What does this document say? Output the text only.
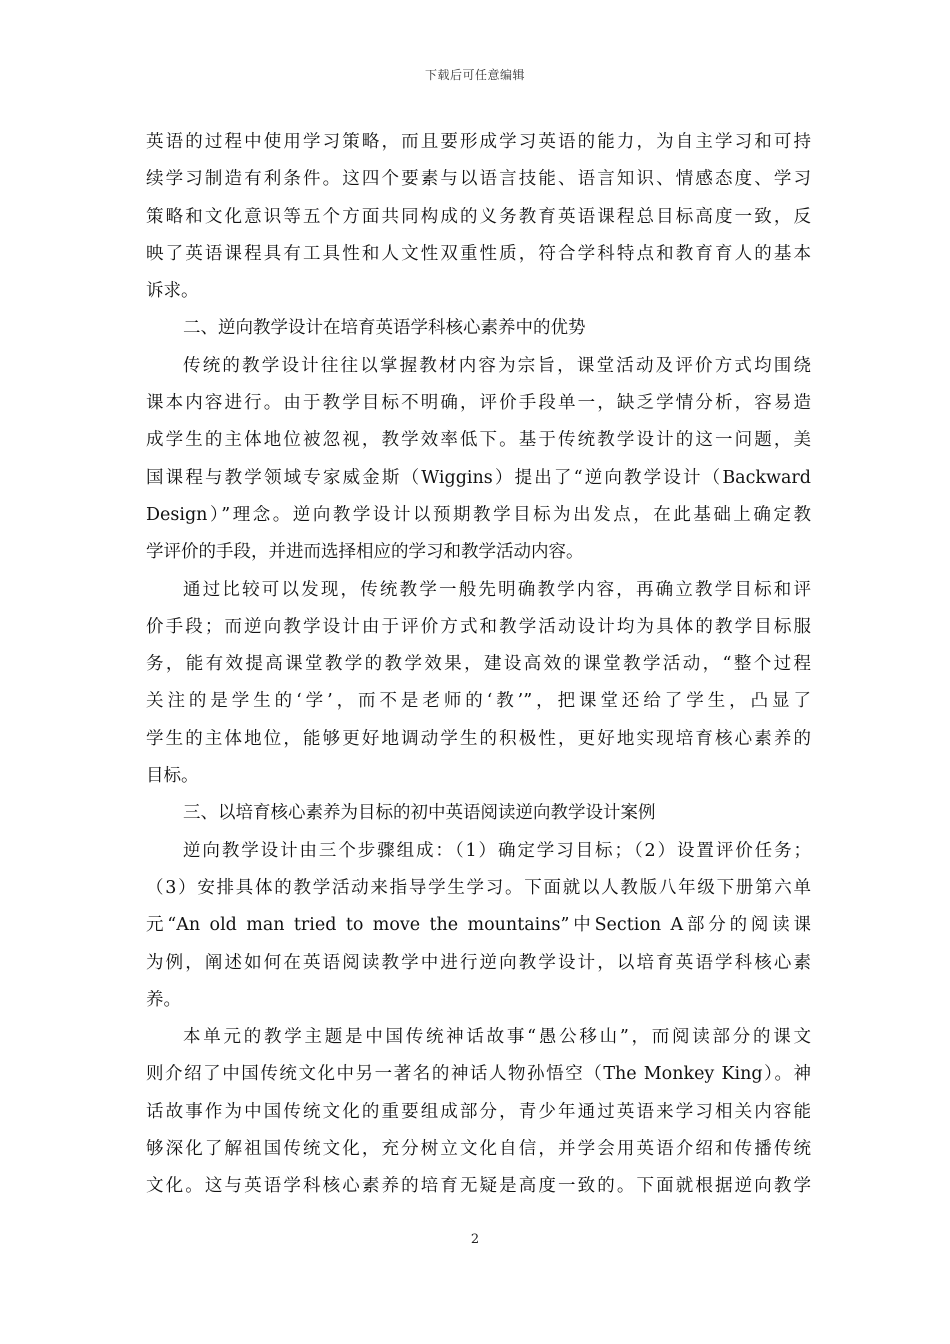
下载后可任意编辑
英语的过程中使用学习策略，而且要形成学习英语的能力，为自主学习和可持
续学习制造有利条件。这四个要素与以语言技能、语言知识、情感态度、学习
策略和文化意识等五个方面共同构成的义务教育英语课程总目标高度一致，反
映了英语课程具有工具性和人文性双重性质，符合学科特点和教育育人的基本
诉求。
二、逆向教学设计在培育英语学科核心素养中的优势
传统的教学设计往往以掌握教材内容为宗旨，课堂活动及评价方式均围绕
课本内容进行。由于教学目标不明确，评价手段单一，缺乏学情分析，容易造
成学生的主体地位被忽视，教学效率低下。基于传统教学设计的这一问题，美
国课程与教学领域专家威金斯（Wiggins）提出了“逆向教学设计（Backward
Design）”理念。逆向教学设计以预期教学目标为出发点，在此基础上确定教
学评价的手段，并进而选择相应的学习和教学活动内容。
通过比较可以发现，传统教学一般先明确教学内容，再确立教学目标和评
价手段；而逆向教学设计由于评价方式和教学活动设计均为具体的教学目标服
务，能有效提高课堂教学的教学效果，建设高效的课堂教学活动，“整个过程
关注的是学生的‘学’，而不是老师的‘教’”，把课堂还给了学生，凸显了
学生的主体地位，能够更好地调动学生的积极性，更好地实现培育核心素养的
目标。
三、以培育核心素养为目标的初中英语阅读逆向教学设计案例
逆向教学设计由三个步骤组成：（1）确定学习目标；（2）设置评价任务；
（3）安排具体的教学活动来指导学生学习。下面就以人教版八年级下册第六单
元“An old man tried to move the mountains”中Section A部分的阅读课
为例，阐述如何在英语阅读教学中进行逆向教学设计，以培育英语学科核心素
养。
本单元的教学主题是中国传统神话故事“愚公移山”，而阅读部分的课文
则介绍了中国传统文化中另一著名的神话人物孙悟空（The Monkey King）。神
话故事作为中国传统文化的重要组成部分，青少年通过英语来学习相关内容能
够深化了解祖国传统文化，充分树立文化自信，并学会用英语介绍和传播传统
文化。这与英语学科核心素养的培育无疑是高度一致的。下面就根据逆向教学
2
